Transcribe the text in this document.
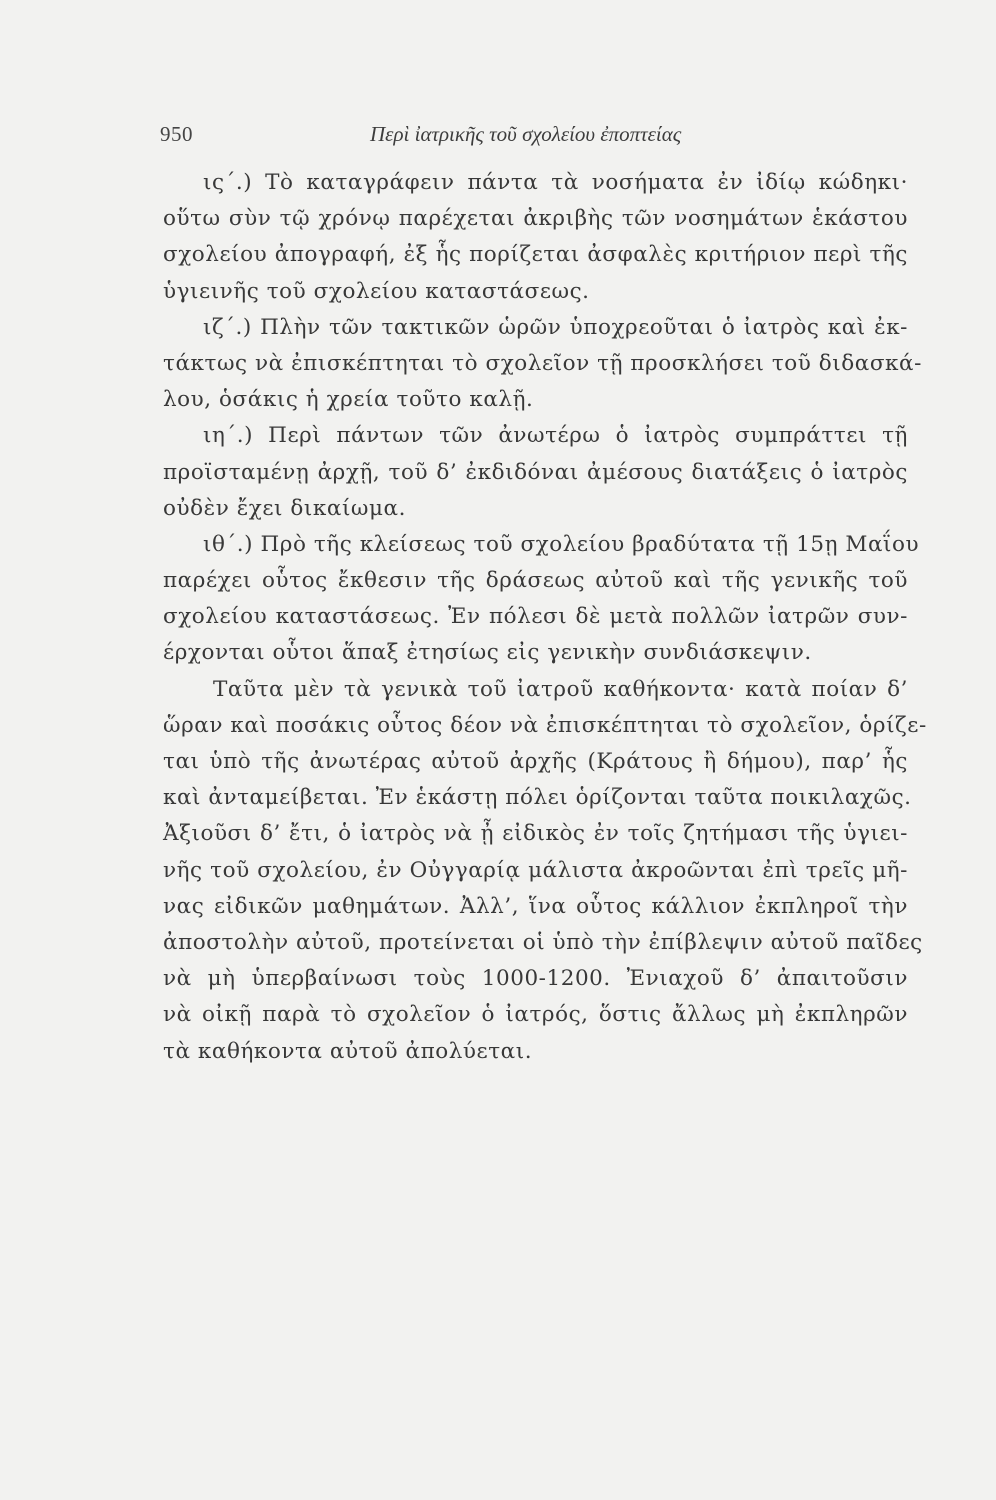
950	Περὶ ἰατρικῆς τοῦ σχολείου ἐποπτείας
ις΄.) Τὸ καταγράφειν πάντα τὰ νοσήματα ἐν ἰδίῳ κώδηκι·
οὕτω σὺν τῷ χρόνῳ παρέχεται ἀκριβὴς τῶν νοσημάτων ἑκάστου
σχολείου ἀπογραφή, ἐξ ἧς πορίζεται ἀσφαλὲς κριτήριον περὶ τῆς
ὑγιεινῆς τοῦ σχολείου καταστάσεως.
ιζ΄.) Πλὴν τῶν τακτικῶν ὡρῶν ὑποχρεοῦται ὁ ἰατρὸς καὶ ἐκ-
τάκτως νὰ ἐπισκέπτηται τὸ σχολεῖον τῇ προσκλήσει τοῦ διδασκά-
λου, ὁσάκις ἡ χρεία τοῦτο καλῇ.
ιη΄.) Περὶ πάντων τῶν ἀνωτέρω ὁ ἰατρὸς συμπράττει τῇ
προϊσταμένῃ ἀρχῇ, τοῦ δ’ ἐκδιδόναι ἀμέσους διατάξεις ὁ ἰατρὸς
οὐδὲν ἔχει δικαίωμα.
ιθ΄.) Πρὸ τῆς κλείσεως τοῦ σχολείου βραδύτατα τῇ 15ῃ Μαΐου
παρέχει οὗτος ἔκθεσιν τῆς δράσεως αὐτοῦ καὶ τῆς γενικῆς τοῦ
σχολείου καταστάσεως. Ἐν πόλεσι δὲ μετὰ πολλῶν ἰατρῶν συν-
έρχονται οὗτοι ἅπαξ ἐτησίως εἰς γενικὴν συνδιάσκεψιν.
Ταῦτα μὲν τὰ γενικὰ τοῦ ἰατροῦ καθήκοντα· κατὰ ποίαν δ’
ὥραν καὶ ποσάκις οὗτος δέον νὰ ἐπισκέπτηται τὸ σχολεῖον, ὁρίζε-
ται ὑπὸ τῆς ἀνωτέρας αὐτοῦ ἀρχῆς (Κράτους ἢ δήμου), παρ’ ἧς
καὶ ἀνταμείβεται. Ἐν ἑκάστῃ πόλει ὁρίζονται ταῦτα ποικιλαχῶς.
Ἀξιοῦσι δ’ ἔτι, ὁ ἰατρὸς νὰ ᾖ εἰδικὸς ἐν τοῖς ζητήμασι τῆς ὑγιει-
νῆς τοῦ σχολείου, ἐν Οὐγγαρίᾳ μάλιστα ἀκροῶνται ἐπὶ τρεῖς μῆ-
νας εἰδικῶν μαθημάτων. Ἀλλ’, ἵνα οὗτος κάλλιον ἐκπληροῖ τὴν
ἀποστολὴν αὐτοῦ, προτείνεται οἱ ὑπὸ τὴν ἐπίβλεψιν αὐτοῦ παῖδες
νὰ μὴ ὑπερβαίνωσι τοὺς 1000-1200. Ἐνιαχοῦ δ’ ἀπαιτοῦσιν
νὰ οἰκῇ παρὰ τὸ σχολεῖον ὁ ἰατρός, ὅστις ἄλλως μὴ ἐκπληρῶν
τὰ καθήκοντα αὐτοῦ ἀπολύεται.
